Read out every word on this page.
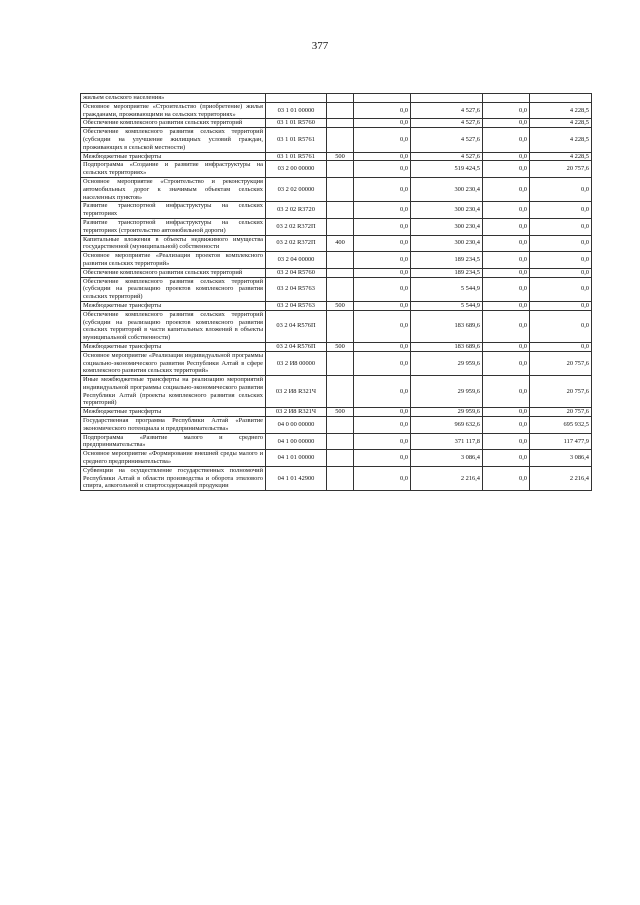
377
жильем сельского населения»						
Основное мероприятие «Строительство (приобретение) жилья гражданами, проживающими на сельских территориях»	03 1 01 00000		0,0	4 527,6	0,0	4 228,5
Обеспечение комплексного развития сельских территорий	03 1 01 R5760		0,0	4 527,6	0,0	4 228,5
Обеспечение комплексного развития сельских территорий (субсидии на улучшение жилищных условий граждан, проживающих в сельской местности)	03 1 01 R5761		0,0	4 527,6	0,0	4 228,5
Межбюджетные трансферты	03 1 01 R5761	500	0,0	4 527,6	0,0	4 228,5
Подпрограмма «Создание и развитие инфраструктуры на сельских территориях»	03 2 00 00000		0,0	519 424,5	0,0	20 757,6
Основное мероприятие «Строительство и реконструкция автомобильных дорог к значимым объектам сельских населенных пунктов»	03 2 02 00000		0,0	300 230,4	0,0	0,0
Развитие транспортной инфраструктуры на сельских территориях	03 2 02 R3720		0,0	300 230,4	0,0	0,0
Развитие транспортной инфраструктуры на сельских территориях (строительство автомобильной дороги)	03 2 02 R372П		0,0	300 230,4	0,0	0,0
Капитальные вложения в объекты недвижимого имущества государственной (муниципальной) собственности	03 2 02 R372П	400	0,0	300 230,4	0,0	0,0
Основное мероприятие «Реализация проектов комплексного развития сельских территорий»	03 2 04 00000		0,0	189 234,5	0,0	0,0
Обеспечение комплексного развития сельских территорий	03 2 04 R5760		0,0	189 234,5	0,0	0,0
Обеспечение комплексного развития сельских территорий (субсидии на реализацию проектов комплексного развития сельских территорий)	03 2 04 R5763		0,0	5 544,9	0,0	0,0
Межбюджетные трансферты	03 2 04 R5763	500	0,0	5 544,9	0,0	0,0
Обеспечение комплексного развития сельских территорий (субсидии на реализацию проектов комплексного развития сельских территорий в части капитальных вложений в объекты муниципальной собственности)	03 2 04 R576П		0,0	183 689,6	0,0	0,0
Межбюджетные трансферты	03 2 04 R576П	500	0,0	183 689,6	0,0	0,0
Основное мероприятие «Реализация индивидуальной программы социально-экономического развития Республики Алтай в сфере комплексного развития сельских территорий»	03 2 И8 00000		0,0	29 959,6	0,0	20 757,6
Иные межбюджетные трансферты на реализацию мероприятий индивидуальной программы социально-экономического развития Республики Алтай (проекты комплексного развития сельских территорий)	03 2 И8 R321Ч		0,0	29 959,6	0,0	20 757,6
Межбюджетные трансферты	03 2 И8 R321Ч	500	0,0	29 959,6	0,0	20 757,6
Государственная программа Республики Алтай «Развитие экономического потенциала и предпринимательства»	04 0 00 00000		0,0	969 632,6	0,0	695 932,5
Подпрограмма «Развитие малого и среднего предпринимательства»	04 1 00 00000		0,0	371 117,8	0,0	117 477,9
Основное мероприятие «Формирование внешней среды малого и среднего предпринимательства»	04 1 01 00000		0,0	3 086,4	0,0	3 086,4
Субвенции на осуществление государственных полномочий Республики Алтай в области производства и оборота этилового спирта, алкогольной и спиртосодержащей продукции	04 1 01 42900		0,0	2 216,4	0,0	2 216,4
